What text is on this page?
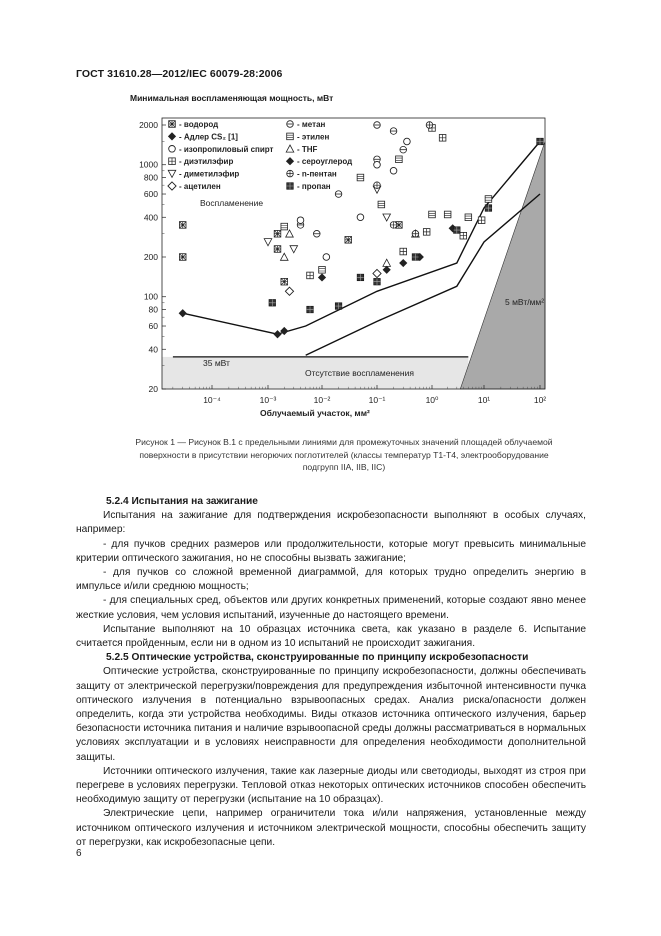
ГОСТ 31610.28—2012/IEC 60079-28:2006
Минимальная воспламеняющая мощность, мВт
2000
1000
800
600
400
200
100
80
60
40
20
10⁻⁴	10⁻³	10⁻²	10⁻¹	10⁰	10¹	10²
- водород	- метан
- Адлер CS₂ [1]	- этилен
- изопропиловый спирт	- THF
- диэтилэфир	- сероуглерод
- диметилэфир	- n-пентан
- ацетилен	- пропан
Воспламенение
Отсутствие воспламенения
35 мВт
5 мВт/мм²
Облучаемый участок, мм²
Рисунок 1 — Рисунок B.1 с предельными линиями для промежуточных значений площадей облучаемой
поверхности в присутствии негорючих поглотителей (классы температур Т1-Т4, электрооборудование
подгрупп IIA, IIB, IIC)

5.2.4 Испытания на зажигание

Испытания на зажигание для подтверждения искробезопасности выполняют в особых случаях, например:

- для пучков средних размеров или продолжительности, которые могут превысить минимальные критерии оптического зажигания, но не способны вызвать зажигание;

- для пучков со сложной временной диаграммой, для которых трудно определить энергию в импульсе и/или среднюю мощность;

- для специальных сред, объектов или других конкретных применений, которые создают явно менее жесткие условия, чем условия испытаний, изученные до настоящего времени.

Испытание выполняют на 10 образцах источника света, как указано в разделе 6. Испытание считается пройденным, если ни в одном из 10 испытаний не происходит зажигания.

5.2.5 Оптические устройства, сконструированные по принципу искробезопасности

Оптические устройства, сконструированные по принципу искробезопасности, должны обеспечивать защиту от электрической перегрузки/повреждения для предупреждения избыточной интенсивности пучка оптического излучения в потенциально взрывоопасных средах. Анализ риска/опасности должен определить, когда эти устройства необходимы. Виды отказов источника оптического излучения, барьер безопасности источника питания и наличие взрывоопасной среды должны рассматриваться в нормальных условиях эксплуатации и в условиях неисправности для определения необходимости дополнительной защиты.

Источники оптического излучения, такие как лазерные диоды или светодиоды, выходят из строя при перегреве в условиях перегрузки. Тепловой отказ некоторых оптических источников способен обеспечить необходимую защиту от перегрузки (испытание на 10 образцах).

Электрические цепи, например ограничители тока и/или напряжения, установленные между источником оптического излучения и источником электрической мощности, способны обеспечить защиту от перегрузки, как искробезопасные цепи.

6
